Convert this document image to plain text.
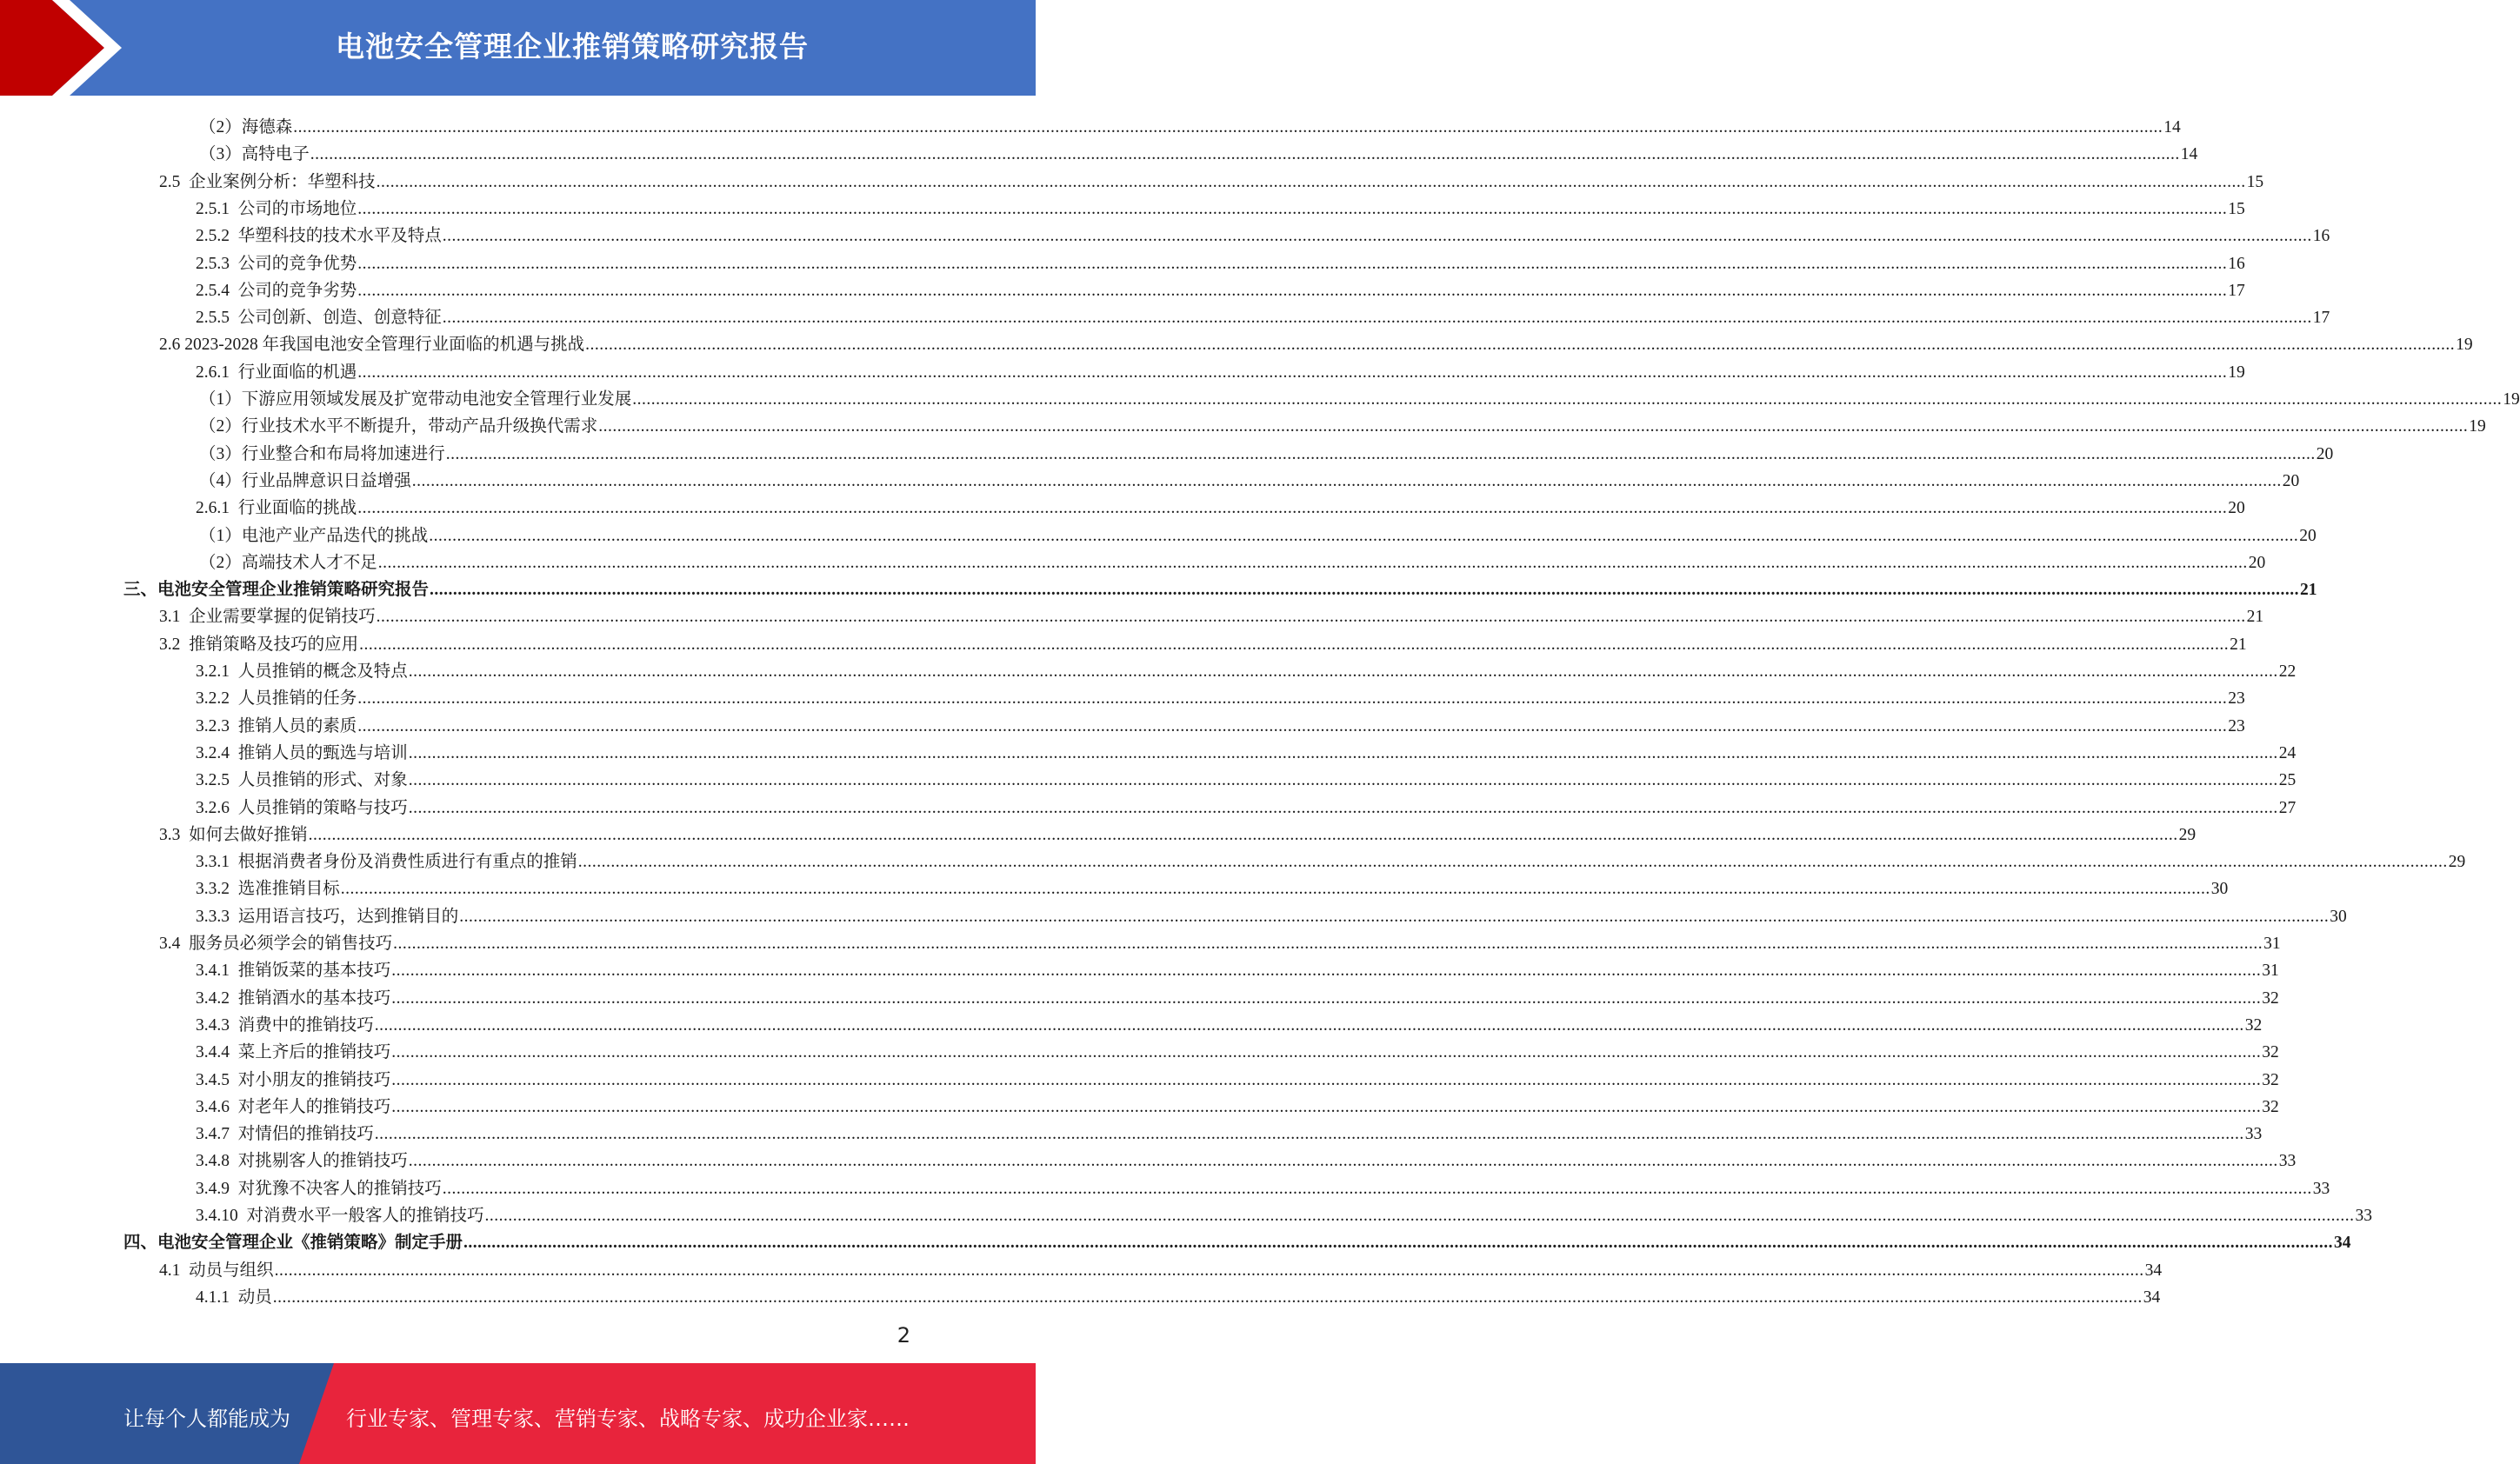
电池安全管理企业推销策略研究报告
（2）海德森 ................................................................................................................................................................................................................................................................................................................................................................................................................ 14
（3）高特电子 ................................................................................................................................................................................................................................................................................................................................................................................................................ 14
2.5  企业案例分析：华塑科技 ................................................................................................................................................................................................................................................................................................................................................................................................................ 15
2.5.1  公司的市场地位 ................................................................................................................................................................................................................................................................................................................................................................................................................ 15
2.5.2  华塑科技的技术水平及特点 ................................................................................................................................................................................................................................................................................................................................................................................................................ 16
2.5.3  公司的竞争优势 ................................................................................................................................................................................................................................................................................................................................................................................................................ 16
2.5.4  公司的竞争劣势 ................................................................................................................................................................................................................................................................................................................................................................................................................ 17
2.5.5  公司创新、创造、创意特征 ................................................................................................................................................................................................................................................................................................................................................................................................................ 17
2.6 2023-2028 年我国电池安全管理行业面临的机遇与挑战 ................................................................................................................................................................................................................................................................................................................................................................................................................ 19
2.6.1  行业面临的机遇 ................................................................................................................................................................................................................................................................................................................................................................................................................ 19
（1）下游应用领域发展及扩宽带动电池安全管理行业发展 ................................................................................................................................................................................................................................................................................................................................................................................................................ 19
（2）行业技术水平不断提升，带动产品升级换代需求 ................................................................................................................................................................................................................................................................................................................................................................................................................ 19
（3）行业整合和布局将加速进行 ................................................................................................................................................................................................................................................................................................................................................................................................................ 20
（4）行业品牌意识日益增强 ................................................................................................................................................................................................................................................................................................................................................................................................................ 20
2.6.1  行业面临的挑战 ................................................................................................................................................................................................................................................................................................................................................................................................................ 20
（1）电池产业产品迭代的挑战 ................................................................................................................................................................................................................................................................................................................................................................................................................ 20
（2）高端技术人才不足 ................................................................................................................................................................................................................................................................................................................................................................................................................ 20
三、电池安全管理企业推销策略研究报告 ................................................................................................................................................................................................................................................................................................................................................................................................................ 21
3.1  企业需要掌握的促销技巧 ................................................................................................................................................................................................................................................................................................................................................................................................................ 21
3.2  推销策略及技巧的应用 ................................................................................................................................................................................................................................................................................................................................................................................................................ 21
3.2.1  人员推销的概念及特点 ................................................................................................................................................................................................................................................................................................................................................................................................................ 22
3.2.2  人员推销的任务 ................................................................................................................................................................................................................................................................................................................................................................................................................ 23
3.2.3  推销人员的素质 ................................................................................................................................................................................................................................................................................................................................................................................................................ 23
3.2.4  推销人员的甄选与培训 ................................................................................................................................................................................................................................................................................................................................................................................................................ 24
3.2.5  人员推销的形式、对象 ................................................................................................................................................................................................................................................................................................................................................................................................................ 25
3.2.6  人员推销的策略与技巧 ................................................................................................................................................................................................................................................................................................................................................................................................................ 27
3.3  如何去做好推销 ................................................................................................................................................................................................................................................................................................................................................................................................................ 29
3.3.1  根据消费者身份及消费性质进行有重点的推销 ................................................................................................................................................................................................................................................................................................................................................................................................................ 29
3.3.2  选准推销目标 ................................................................................................................................................................................................................................................................................................................................................................................................................ 30
3.3.3  运用语言技巧，达到推销目的 ................................................................................................................................................................................................................................................................................................................................................................................................................ 30
3.4  服务员必须学会的销售技巧 ................................................................................................................................................................................................................................................................................................................................................................................................................ 31
3.4.1  推销饭菜的基本技巧 ................................................................................................................................................................................................................................................................................................................................................................................................................ 31
3.4.2  推销酒水的基本技巧 ................................................................................................................................................................................................................................................................................................................................................................................................................ 32
3.4.3  消费中的推销技巧 ................................................................................................................................................................................................................................................................................................................................................................................................................ 32
3.4.4  菜上齐后的推销技巧 ................................................................................................................................................................................................................................................................................................................................................................................................................ 32
3.4.5  对小朋友的推销技巧 ................................................................................................................................................................................................................................................................................................................................................................................................................ 32
3.4.6  对老年人的推销技巧 ................................................................................................................................................................................................................................................................................................................................................................................................................ 32
3.4.7  对情侣的推销技巧 ................................................................................................................................................................................................................................................................................................................................................................................................................ 33
3.4.8  对挑剔客人的推销技巧 ................................................................................................................................................................................................................................................................................................................................................................................................................ 33
3.4.9  对犹豫不决客人的推销技巧 ................................................................................................................................................................................................................................................................................................................................................................................................................ 33
3.4.10  对消费水平一般客人的推销技巧 ................................................................................................................................................................................................................................................................................................................................................................................................................ 33
四、电池安全管理企业《推销策略》制定手册 ................................................................................................................................................................................................................................................................................................................................................................................................................ 34
4.1  动员与组织 ................................................................................................................................................................................................................................................................................................................................................................................................................ 34
4.1.1  动员 ................................................................................................................................................................................................................................................................................................................................................................................................................ 34
2
让每个人都能成为	行业专家、管理专家、营销专家、战略专家、成功企业家……
